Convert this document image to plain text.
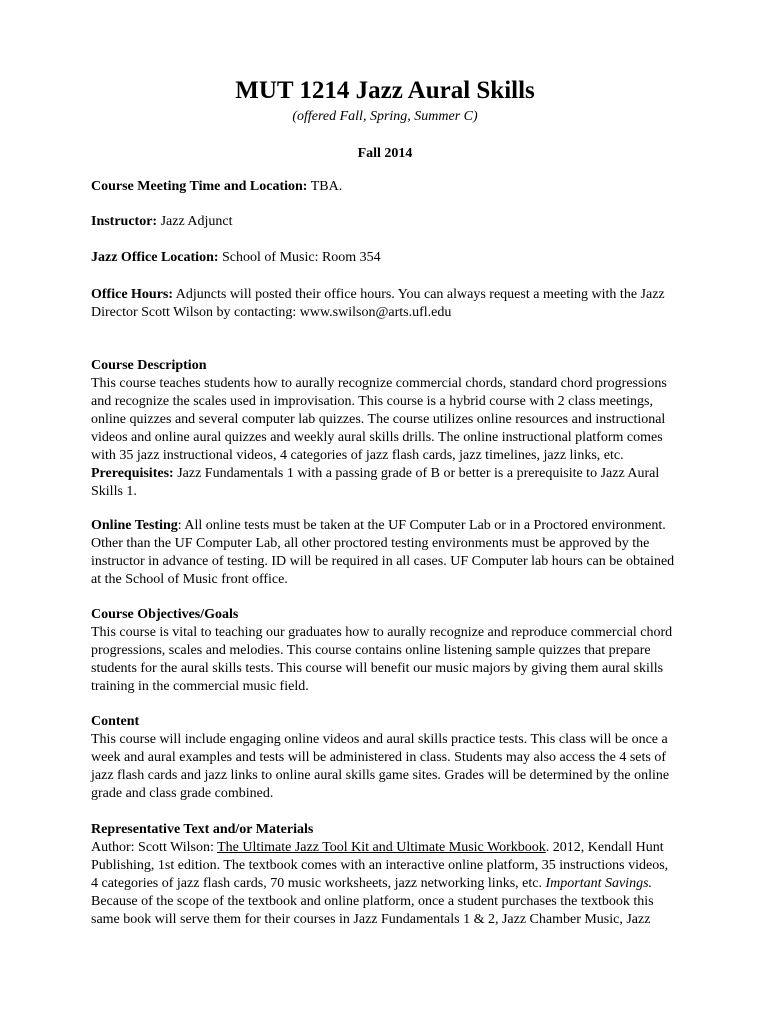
MUT 1214 Jazz Aural Skills
(offered Fall, Spring, Summer C)
Fall 2014
Course Meeting Time and Location: TBA.
Instructor: Jazz Adjunct
Jazz Office Location: School of Music: Room 354
Office Hours: Adjuncts will posted their office hours. You can always request a meeting with the Jazz
Director Scott Wilson by contacting: www.swilson@arts.ufl.edu
Course Description
This course teaches students how to aurally recognize commercial chords, standard chord progressions
and recognize the scales used in improvisation. This course is a hybrid course with 2 class meetings,
online quizzes and several computer lab quizzes. The course utilizes online resources and instructional
videos and online aural quizzes and weekly aural skills drills. The online instructional platform comes
with 35 jazz instructional videos, 4 categories of jazz flash cards, jazz timelines, jazz links, etc.
Prerequisites: Jazz Fundamentals 1 with a passing grade of B or better is a prerequisite to Jazz Aural
Skills 1.
Online Testing: All online tests must be taken at the UF Computer Lab or in a Proctored environment.
Other than the UF Computer Lab, all other proctored testing environments must be approved by the
instructor in advance of testing. ID will be required in all cases. UF Computer lab hours can be obtained
at the School of Music front office.
Course Objectives/Goals
This course is vital to teaching our graduates how to aurally recognize and reproduce commercial chord
progressions, scales and melodies. This course contains online listening sample quizzes that prepare
students for the aural skills tests. This course will benefit our music majors by giving them aural skills
training in the commercial music field.
Content
This course will include engaging online videos and aural skills practice tests. This class will be once a
week and aural examples and tests will be administered in class. Students may also access the 4 sets of
jazz flash cards and jazz links to online aural skills game sites. Grades will be determined by the online
grade and class grade combined.
Representative Text and/or Materials
Author: Scott Wilson: The Ultimate Jazz Tool Kit and Ultimate Music Workbook. 2012, Kendall Hunt
Publishing, 1st edition. The textbook comes with an interactive online platform, 35 instructions videos,
4 categories of jazz flash cards, 70 music worksheets, jazz networking links, etc. Important Savings.
Because of the scope of the textbook and online platform, once a student purchases the textbook this
same book will serve them for their courses in Jazz Fundamentals 1 & 2, Jazz Chamber Music, Jazz
